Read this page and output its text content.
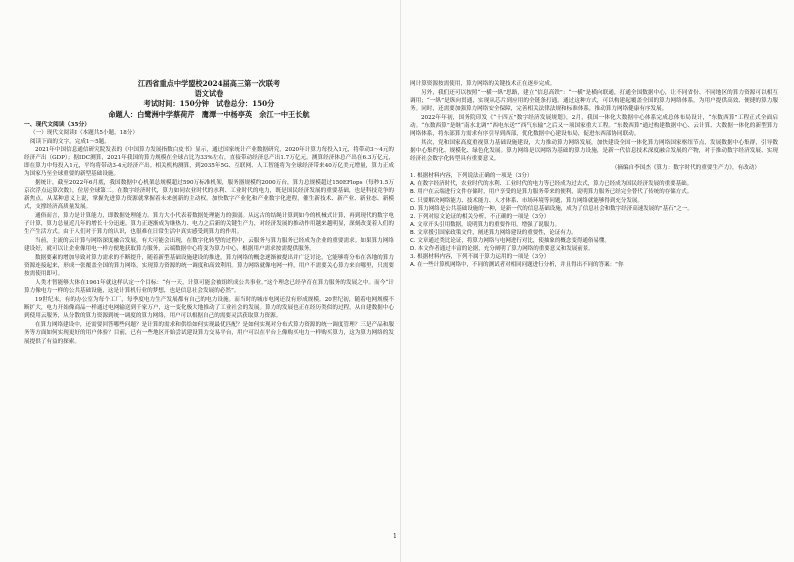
江西省重点中学盟校2024届高三第一次联考

语文试卷

考试时间：150分钟　试卷总分：150分

命题人：白鹭洲中学蔡荷芹　鹰潭一中杨亭英　余江一中王长航

一、现代文阅读（35分）

（一）现代文阅读Ⅰ（本题共5小题，18分）

阅读下面的文字，完成1～5题。

2021年中国信息通信研究院发表的《中国算力发展指数白皮书》显示，通过国家统计产业数据研究，2020年计算力每投入1元，将带动3～4元的经济产出（GDP）；据IDC测算，2021年我国的算力规模在全球占比为33%左右，直接带动经济总产出1.7万亿元。测算经济体总产出在6.3万亿元，即在算力中每投入1元，平均将带动3-4元经济产出。相关机构测算，到2035年5G、互联网、人工智能将为全球经济带来40万亿美元增量，算力正成为国家乃至全球重要的新型基础设施。

据统计，截至2022年6月底，我国数据中心机架总规模超过590万标准机架，服务器规模约2000万台，算力总规模超过150EFlops（每秒1.5万京次浮点运算次数），位居全球第二。在数字经济时代，算力如同农业时代的水利、工业时代的电力，既是国民经济发展的重要基础，也是科技竞争的新焦点。从某种意义上说，掌握先进算力资源就掌握着未来创新的主动权。加快数字产业化和产业数字化进程，催生新技术、新产业、新业态、新模式，支撑经济高质量发展。

通俗而言，算力是计算能力，即数据处理能力。算力大小代表着数据处理能力的强弱。从远古的结绳计算到如今的机械式计算，再到现代的数字电子计算，算力总量近几年的增长十分迅速。算力正逐渐成为继热力、电力之后新的关键生产力，对经济发展的推动作用越来越明显，深刻改变着人们的生产生活方式。由于人们对于算力的认识，也很难在日常生活中真实感受到算力的作用。

当前，主流的云计算与网络深度融合发展，有大可能会出现，在数字化转型的过程中，云服务与算力服务已经成为企业的重要需求。如果算力网络建设好，就可以让企业像用电一样方便地获取算力服务，云端数据中心将变为算力中心，根据用户需求按需提供服务。

数据要素的增加导致对算力需求的不断提升，随着新型基础设施建设的推进，算力网络的概念逐渐被提出并广泛讨论，它能够将分布在各地的算力资源连接起来，形成一张覆盖全国的算力网络，实现算力资源的统一调度和高效利用。算力网络就像电网一样，用户不需要关心算力来自哪里，只需要按需使用即可。

人类才智能够大体在1961年就这样认定一个目标：“有一天，计算可能会被组织成公共事业。”这个理念已经孕育在算力服务的发展之中。而今“计算力像电力一样的公共基础设施，这是计算机行业的梦想，也是信息社会发展的必然”。

19世纪末，有的办公室为每个工厂，每季度电力生产发展都有自己的电力设施。而当时的城市电网还没有形成规模。20世纪初，随着电网规模不断扩大，电力开始像商品一样通过电网输送到千家万户，这一变化极大地推动了工业社会的发展。算力的发展也正在经历类似的过程，从自建数据中心到使用云服务，从分散的算力资源到统一调度的算力网络，用户可以根据自己的需要灵活获取算力资源。

在算力网络建设中，还需要回答哪些问题？是计算的需求和供给如何实现最优匹配？是如何实现对分布式算力资源的统一调度管理？三是产品和服务等方面如何实现更好的用户体验？目前，已有一些地区开始尝试建设算力交易平台，用户可以在平台上像购买电力一样购买算力，这为算力网络的发展提供了有益的探索。

网计算资源按需使用，算力网络的关键技术正在逐步完成。

另外，我们还可以按照“一横一纵”思路，建立“信息高铁”：“一横”是横向联通，打通全国数据中心，让不同省份、不同地区的算力资源可以相互调用；“一纵”是纵向贯通，实现从芯片到应用的全链条打通。通过这种方式，可以构建起覆盖全国的算力网络体系，为用户提供高效、便捷的算力服务。同时，还需要加强算力网络安全保障，完善相关法律法规和标准体系，推动算力网络健康有序发展。

2022年年初，国务院印发《“十四五”数字经济发展规划》，2月，我国一体化大数据中心体系完成总体布局设计，“东数西算”工程正式全面启动。“东数西算”是继“南水北调”“西电东送”“西气东输”之后又一项国家重大工程。“东数西算”通过构建数据中心、云计算、大数据一体化的新型算力网络体系，将东部算力需求有序引导到西部，优化数据中心建设布局，促进东西部协同联动。

其次，党和国家高度重视算力基础设施建设，大力推动算力网络发展，加快建设全国一体化算力网络国家枢纽节点，发展数据中心集群，引导数据中心集约化、规模化、绿色化发展。算力网络是以网络为基础的算力设施，是新一代信息技术深度融合发展的产物，对于推动数字经济发展、实现经济社会数字化转型具有重要意义。

（摘编自李国杰《算力：数字时代的重要生产力》，有改动）

1. 根据材料内容，下列说法正确的一项是（3分）

A. 在数字经济时代，农业时代的水利、工业时代的电力等已经成为过去式，算力已经成为国民经济发展的重要基础。

B. 用户在云端进行文件存储时，用户享受的是算力服务带来的便利，说明算力服务已经完全替代了传统的存储方式。

C. 只要解决网络能力、技术能力、人才体系、市场环境等问题，算力网络就能够得到充分发展。

D. 算力网络是公共基础设施的一种，是新一代的信息基础设施，成为了信息社会和数字经济高速发展的“基石”之一。

2. 下列对原文论证的相关分析，不正确的一项是（3分）

A. 文章开头引用数据，说明算力的重要作用，增强了说服力。

B. 文章援引国家政策文件，阐述算力网络建设的重要性，论证有力。

C. 文章通过类比论证，将算力网络与电网进行对比，使抽象的概念变得通俗易懂。

D. 本文作者通过丰富的论据，充分阐明了算力网络的重要意义和发展前景。

3. 根据材料内容，下列不属于算力运用的一项是（3分）

A. 在一些计算机网络中，不同的测试者对相同问题进行分析，并且得出不同的答案：“你

1
